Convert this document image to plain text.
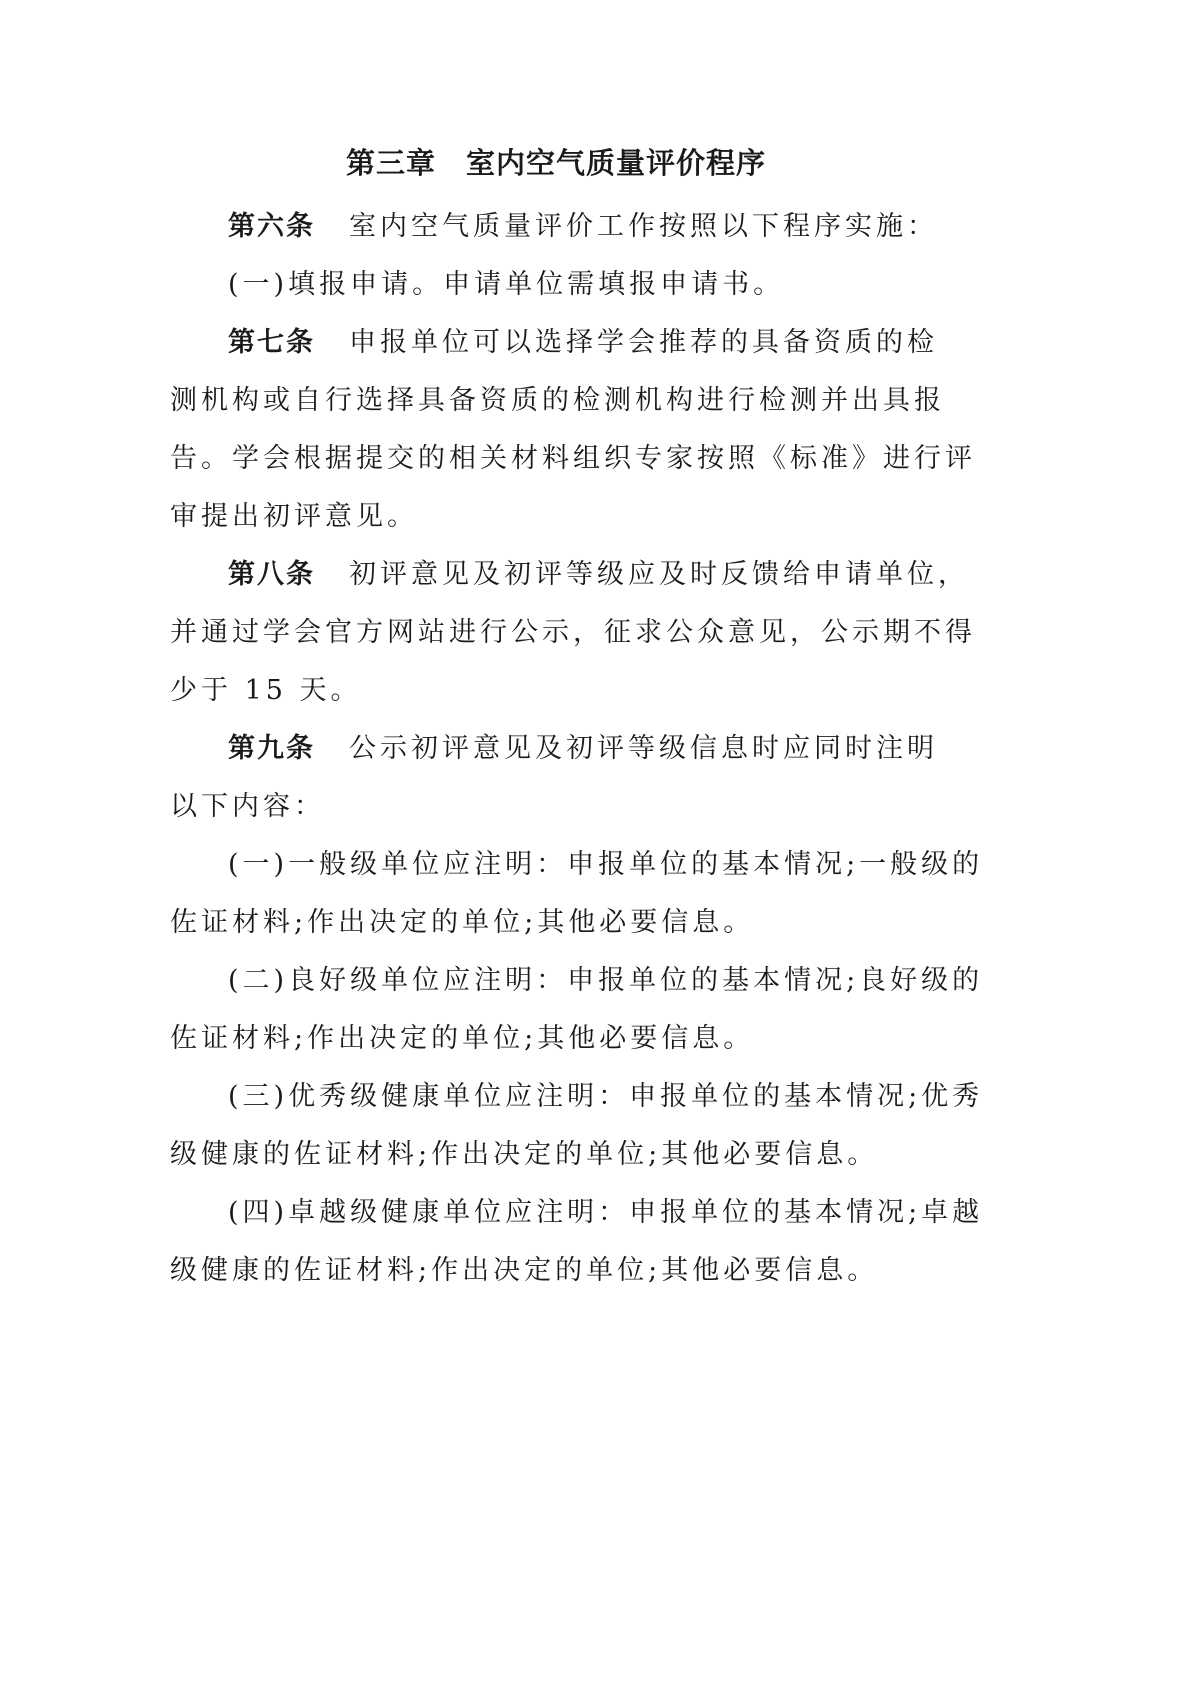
第三章　室内空气质量评价程序
第六条 室内空气质量评价工作按照以下程序实施：
(一)填报申请。申请单位需填报申请书。
第七条 申报单位可以选择学会推荐的具备资质的检
测机构或自行选择具备资质的检测机构进行检测并出具报
告。学会根据提交的相关材料组织专家按照《标准》进行评
审提出初评意见。
第八条 初评意见及初评等级应及时反馈给申请单位，
并通过学会官方网站进行公示，征求公众意见，公示期不得
少于 15 天。
第九条 公示初评意见及初评等级信息时应同时注明
以下内容：
(一)一般级单位应注明：申报单位的基本情况;一般级的
佐证材料;作出决定的单位;其他必要信息。
(二)良好级单位应注明：申报单位的基本情况;良好级的
佐证材料;作出决定的单位;其他必要信息。
(三)优秀级健康单位应注明：申报单位的基本情况;优秀
级健康的佐证材料;作出决定的单位;其他必要信息。
(四)卓越级健康单位应注明：申报单位的基本情况;卓越
级健康的佐证材料;作出决定的单位;其他必要信息。
